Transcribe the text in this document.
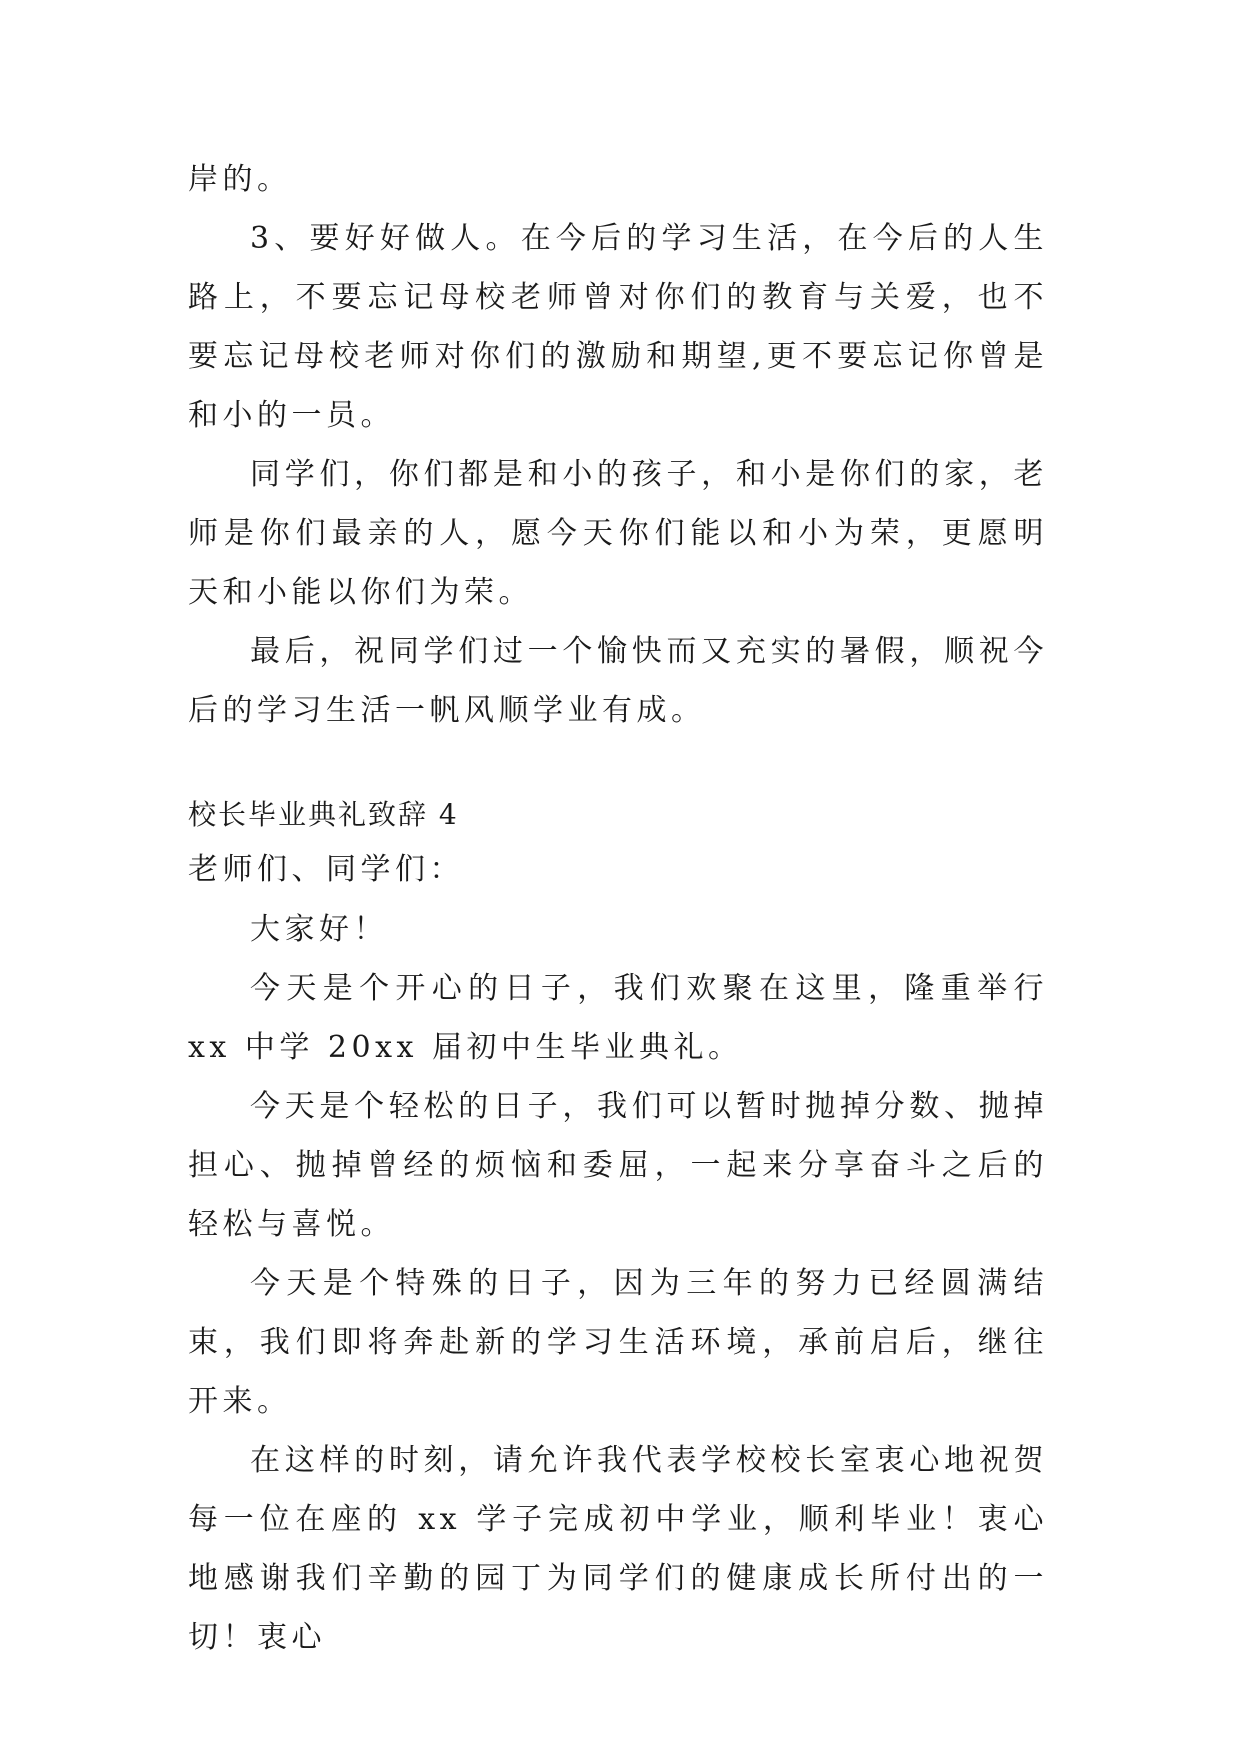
岸的。

3、要好好做人。在今后的学习生活，在今后的人生路上，不要忘记母校老师曾对你们的教育与关爱，也不要忘记母校老师对你们的激励和期望,更不要忘记你曾是和小的一员。

同学们，你们都是和小的孩子，和小是你们的家，老师是你们最亲的人，愿今天你们能以和小为荣，更愿明天和小能以你们为荣。

最后，祝同学们过一个愉快而又充实的暑假，顺祝今后的学习生活一帆风顺学业有成。

校长毕业典礼致辞 4

老师们、同学们：

大家好！

今天是个开心的日子，我们欢聚在这里，隆重举行 xx 中学 20xx 届初中生毕业典礼。

今天是个轻松的日子，我们可以暂时抛掉分数、抛掉担心、抛掉曾经的烦恼和委屈，一起来分享奋斗之后的轻松与喜悦。

今天是个特殊的日子，因为三年的努力已经圆满结束，我们即将奔赴新的学习生活环境，承前启后，继往开来。

在这样的时刻，请允许我代表学校校长室衷心地祝贺每一位在座的 xx 学子完成初中学业，顺利毕业！衷心地感谢我们辛勤的园丁为同学们的健康成长所付出的一切！衷心
